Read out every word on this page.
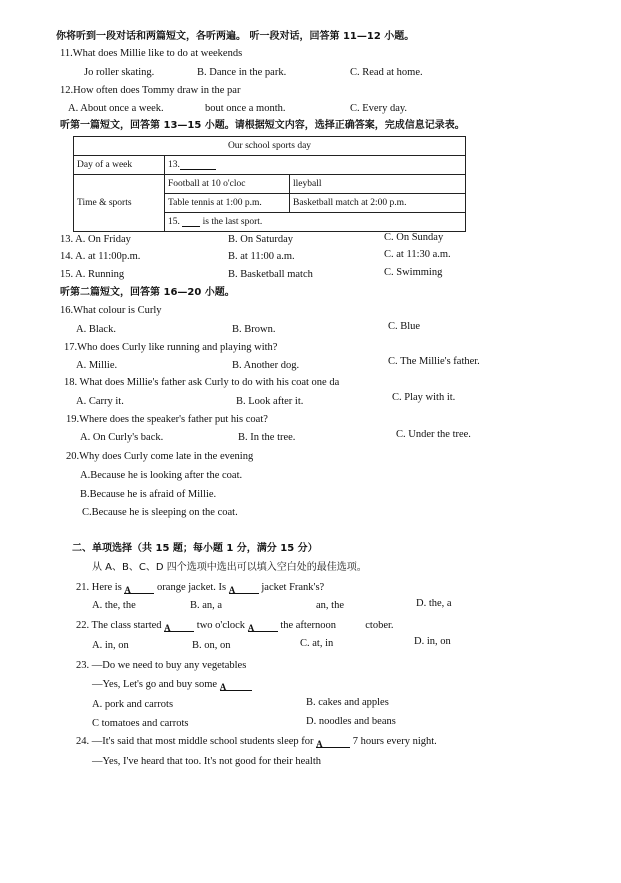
你将听到一段对话和两篇短文，各听两遍。 听一段对话，回答第 11—12 小题。
11.What does Millie like to do at weekends
Jo roller skating.	B. Dance in the park.	C. Read at home.
12.How often does Tommy draw in the par
A. About once a week.	bout once a month.	C. Every day.
听第一篇短文，回答第 13—15 小题。请根据短文内容，选择正确答案，完成信息记录表。
Our school sports day		
Day of a week	13.	
Time & sports	Football at 10 o'cloc	lleyball
	Table tennis at 1:00 p.m.	Basketball match at 2:00 p.m.
	15. is the last sport.	
13. A. On Friday	B. On Saturday	C. On Sunday
14. A. at 11:00p.m.	B. at 11:00 a.m.	C. at 11:30 a.m.
15. A. Running	B. Basketball match	C. Swimming
听第二篇短文，回答第 16—20 小题。
16.What colour is Curly
A. Black.	B. Brown.	C. Blue
17.Who does Curly like running and playing with?
A. Millie.	B. Another dog.	C. The Millie's father.
18. What does Millie's father ask Curly to do with his coat one da
A. Carry it.	B. Look after it.	C. Play with it.
19.Where does the speaker's father put his coat?
A. On Curly's back.	B. In the tree.	C. Under the tree.
20.Why does Curly come late in the evening
A.Because he is looking after the coat.
B.Because he is afraid of Millie.
C.Because he is sleeping on the coat.
二、单项选择（共 15 题；每小题 1 分，满分 15 分）
从 A、B、C、D 四个选项中选出可以填入空白处的最佳选项。
21. Here is A orange jacket. Is A jacket Frank's?
A. the, the	B. an, a	an, the	D. the, a
22. The class started A two o'clock A the afternoon	ctober.
A. in, on	B. on, on	C. at, in	D. in, on
23. —Do we need to buy any vegetables
—Yes, Let's go and buy some A
A. pork and carrots	B. cakes and apples
C tomatoes and carrots	D. noodles and beans
24. —It's said that most middle school students sleep for A	7 hours every night.
—Yes, I've heard that too. It's not good for their health
